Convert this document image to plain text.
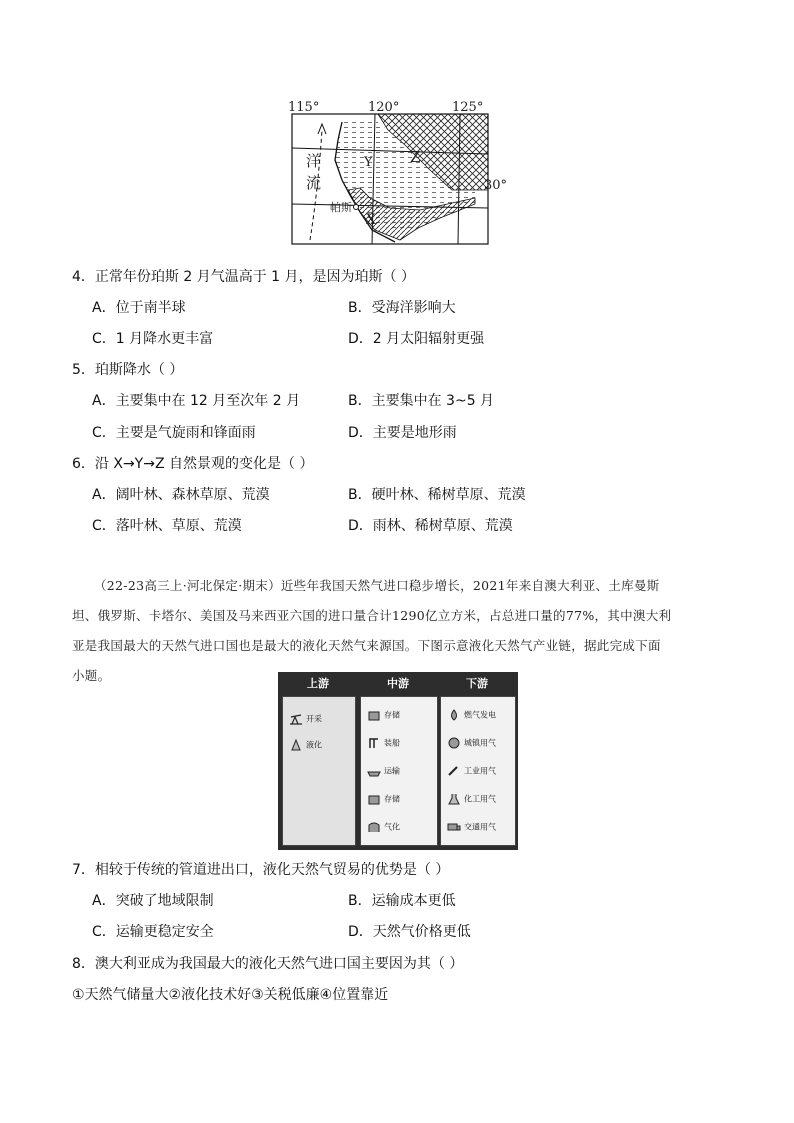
115°	120°	125°
30°
洋
流
Y Z
X
帕斯
4．正常年份珀斯 2 月气温高于 1 月，是因为珀斯（ ）
A．位于南半球	B．受海洋影响大
C．1 月降水更丰富	D．2 月太阳辐射更强
5．珀斯降水（ ）
A．主要集中在 12 月至次年 2 月	B．主要集中在 3~5 月
C．主要是气旋雨和锋面雨	D．主要是地形雨
6．沿 X→Y→Z 自然景观的变化是（ ）
A．阔叶林、森林草原、荒漠	B．硬叶林、稀树草原、荒漠
C．落叶林、草原、荒漠	D．雨林、稀树草原、荒漠
（22-23高三上·河北保定·期末）近些年我国天然气进口稳步增长，2021年来自澳大利亚、土库曼斯
坦、俄罗斯、卡塔尔、美国及马来西亚六国的进口量合计1290亿立方米，占总进口量的77%，其中澳大利
亚是我国最大的天然气进口国也是最大的液化天然气来源国。下图示意液化天然气产业链，据此完成下面
小题。
上游	中游	下游
开采
液化
存储
装船
运输
存储
气化
燃气发电
城镇用气
工业用气
化工用气
交通用气
7．相较于传统的管道进出口，液化天然气贸易的优势是（ ）
A．突破了地域限制	B．运输成本更低
C．运输更稳定安全	D．天然气价格更低
8．澳大利亚成为我国最大的液化天然气进口国主要因为其（ ）
①天然气储量大②液化技术好③关税低廉④位置靠近
